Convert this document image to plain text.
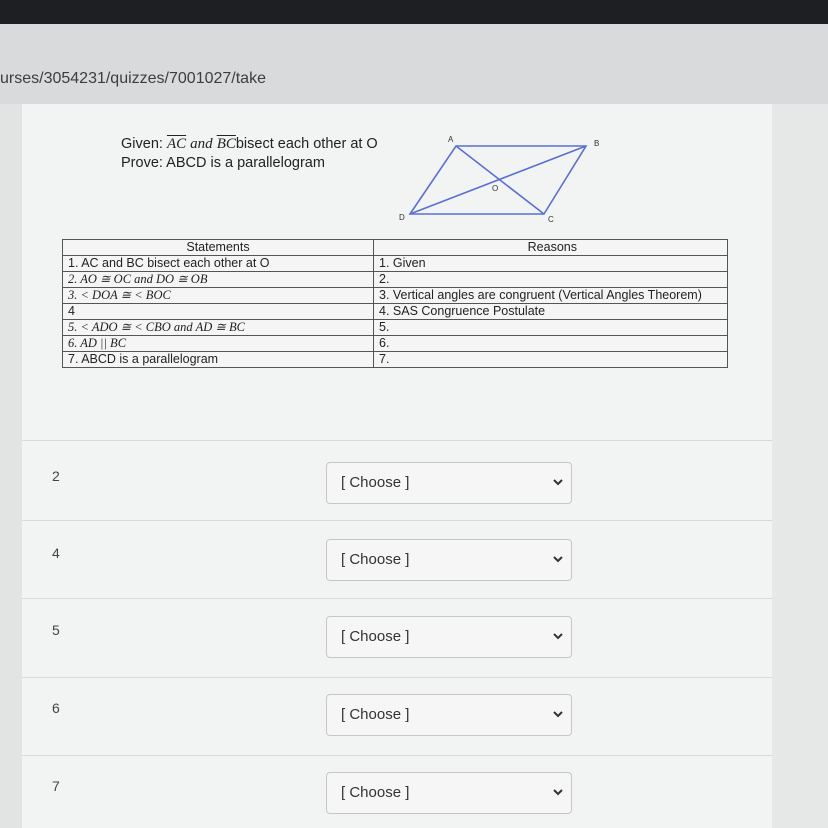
urses/3054231/quizzes/7001027/take
Given: $\overline{AC}$ and $\overline{BC}bisect$ each other at O
Prove: ABCD is a parallelogram
A	B
C
D
O
Statements	Reasons
1. AC and BC bisect each other at O	1. Given
2. AO ≅ OC and DO ≅ OB	2.
3. < DOA ≅ < BOC	3. Vertical angles are congruent (Vertical Angles Theorem)
4	4. SAS Congruence Postulate
5. < ADO ≅ < CBO and AD ≅ BC	5.
6. AD || BC	6.
7. ABCD is a parallelogram	7.
2	[ Choose ]
4	[ Choose ]
5	[ Choose ]
6	[ Choose ]
7	[ Choose ]
